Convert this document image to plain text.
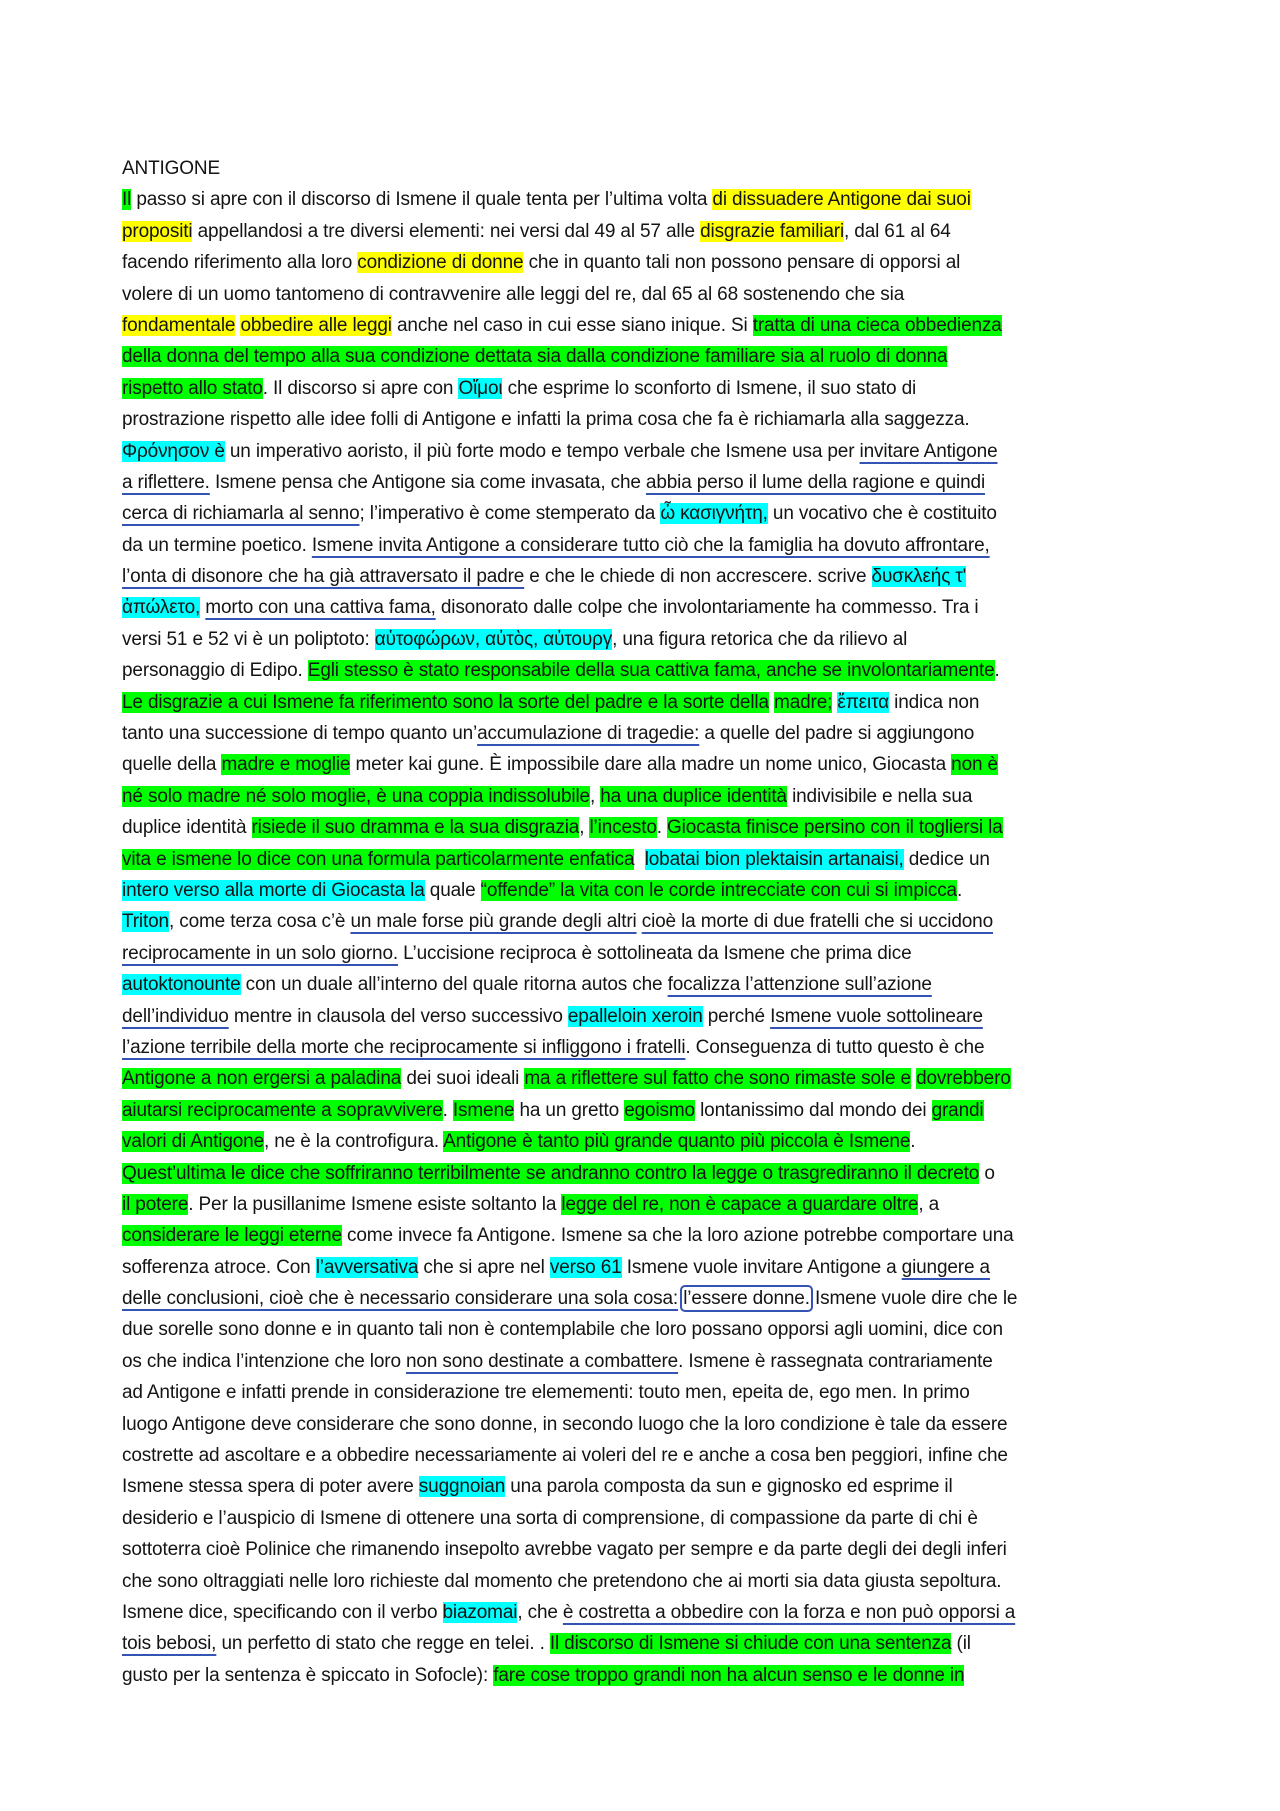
ANTIGONE
Il passo si apre con il discorso di Ismene il quale tenta per l’ultima volta di dissuadere Antigone dai suoi
propositi appellandosi a tre diversi elementi: nei versi dal 49 al 57 alle disgrazie familiari, dal 61 al 64
facendo riferimento alla loro condizione di donne che in quanto tali non possono pensare di opporsi al
volere di un uomo tantomeno di contravvenire alle leggi del re, dal 65 al 68 sostenendo che sia
fondamentale obbedire alle leggi anche nel caso in cui esse siano inique. Si tratta di una cieca obbedienza
della donna del tempo alla sua condizione dettata sia dalla condizione familiare sia al ruolo di donna
rispetto allo stato. Il discorso si apre con Οἴμοι che esprime lo sconforto di Ismene, il suo stato di
prostrazione rispetto alle idee folli di Antigone e infatti la prima cosa che fa è richiamarla alla saggezza.
Φρόνησον è un imperativo aoristo, il più forte modo e tempo verbale che Ismene usa per invitare Antigone
a riflettere. Ismene pensa che Antigone sia come invasata, che abbia perso il lume della ragione e quindi
cerca di richiamarla al senno; l’imperativo è come stemperato da ὦ κασιγνήτη, un vocativo che è costituito
da un termine poetico. Ismene invita Antigone a considerare tutto ciò che la famiglia ha dovuto affrontare,
l’onta di disonore che ha già attraversato il padre e che le chiede di non accrescere. scrive δυσκλεής τ'
ἀπώλετο, morto con una cattiva fama, disonorato dalle colpe che involontariamente ha commesso. Tra i
versi 51 e 52 vi è un poliptoto: αὑτοφώρων, αὐτὸς, αὐτουργ, una figura retorica che da rilievo al
personaggio di Edipo. Egli stesso è stato responsabile della sua cattiva fama, anche se involontariamente.
Le disgrazie a cui Ismene fa riferimento sono la sorte del padre e la sorte della madre; ἔπειτα indica non
tanto una successione di tempo quanto un’accumulazione di tragedie: a quelle del padre si aggiungono
quelle della madre e moglie meter kai gune. È impossibile dare alla madre un nome unico, Giocasta non è
né solo madre né solo moglie, è una coppia indissolubile, ha una duplice identità indivisibile e nella sua
duplice identità risiede il suo dramma e la sua disgrazia, l’incesto. Giocasta finisce persino con il togliersi la
vita e ismene lo dice con una formula particolarmente enfatica lobatai bion plektaisin artanaisi, dedice un
intero verso alla morte di Giocasta la quale “offende” la vita con le corde intrecciate con cui si impicca.
Triton, come terza cosa c’è un male forse più grande degli altri cioè la morte di due fratelli che si uccidono
reciprocamente in un solo giorno. L’uccisione reciproca è sottolineata da Ismene che prima dice
autoktonounte con un duale all’interno del quale ritorna autos che focalizza l’attenzione sull’azione
dell’individuo mentre in clausola del verso successivo epalleloin xeroin perché Ismene vuole sottolineare
l’azione terribile della morte che reciprocamente si infliggono i fratelli. Conseguenza di tutto questo è che
Antigone a non ergersi a paladina dei suoi ideali ma a riflettere sul fatto che sono rimaste sole e dovrebbero
aiutarsi reciprocamente a sopravvivere. Ismene ha un gretto egoismo lontanissimo dal mondo dei grandi
valori di Antigone, ne è la controfigura. Antigone è tanto più grande quanto più piccola è Ismene.
Quest’ultima le dice che soffriranno terribilmente se andranno contro la legge o trasgrediranno il decreto o
il potere. Per la pusillanime Ismene esiste soltanto la legge del re, non è capace a guardare oltre, a
considerare le leggi eterne come invece fa Antigone. Ismene sa che la loro azione potrebbe comportare una
sofferenza atroce. Con l’avversativa che si apre nel verso 61 Ismene vuole invitare Antigone a giungere a
delle conclusioni, cioè che è necessario considerare una sola cosa: l’essere donne. Ismene vuole dire che le
due sorelle sono donne e in quanto tali non è contemplabile che loro possano opporsi agli uomini, dice con
os che indica l’intenzione che loro non sono destinate a combattere. Ismene è rassegnata contrariamente
ad Antigone e infatti prende in considerazione tre elemementi: touto men, epeita de, ego men. In primo
luogo Antigone deve considerare che sono donne, in secondo luogo che la loro condizione è tale da essere
costrette ad ascoltare e a obbedire necessariamente ai voleri del re e anche a cosa ben peggiori, infine che
Ismene stessa spera di poter avere suggnoian una parola composta da sun e gignosko ed esprime il
desiderio e l’auspicio di Ismene di ottenere una sorta di comprensione, di compassione da parte di chi è
sottoterra cioè Polinice che rimanendo insepolto avrebbe vagato per sempre e da parte degli dei degli inferi
che sono oltraggiati nelle loro richieste dal momento che pretendono che ai morti sia data giusta sepoltura.
Ismene dice, specificando con il verbo biazomai, che è costretta a obbedire con la forza e non può opporsi a
tois bebosi, un perfetto di stato che regge en telei. . Il discorso di Ismene si chiude con una sentenza (il
gusto per la sentenza è spiccato in Sofocle): fare cose troppo grandi non ha alcun senso e le donne in
